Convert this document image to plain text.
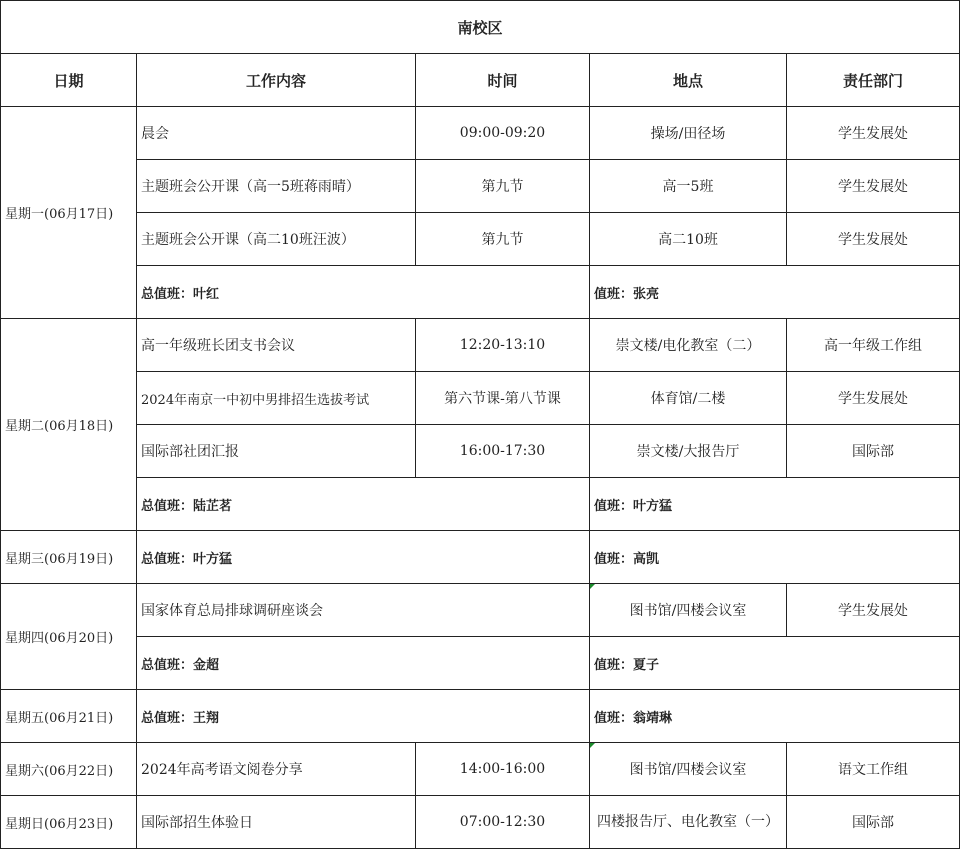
南校区				
日期	工作内容	时间	地点	责任部门
星期一(06月17日)	晨会	09:00-09:20	操场/田径场	学生发展处
	主题班会公开课（高一5班蒋雨晴）	第九节	高一5班	学生发展处
	主题班会公开课（高二10班汪波）	第九节	高二10班	学生发展处
	总值班：叶红		值班：张亮	
星期二(06月18日)	高一年级班长团支书会议	12:20-13:10	崇文楼/电化教室（二）	高一年级工作组
	2024年南京一中初中男排招生选拔考试	第六节课-第八节课	体育馆/二楼	学生发展处
	国际部社团汇报	16:00-17:30	崇文楼/大报告厅	国际部
	总值班：陆芷茗		值班：叶方猛	
星期三(06月19日)	总值班：叶方猛		值班：高凯	
星期四(06月20日)	国家体育总局排球调研座谈会		图书馆/四楼会议室	学生发展处
	总值班：金超		值班：夏子	
星期五(06月21日)	总值班：王翔		值班：翁靖琳	
星期六(06月22日)	2024年高考语文阅卷分享	14:00-16:00	图书馆/四楼会议室	语文工作组
星期日(06月23日)	国际部招生体验日	07:00-12:30	四楼报告厅、电化教室（一）	国际部
